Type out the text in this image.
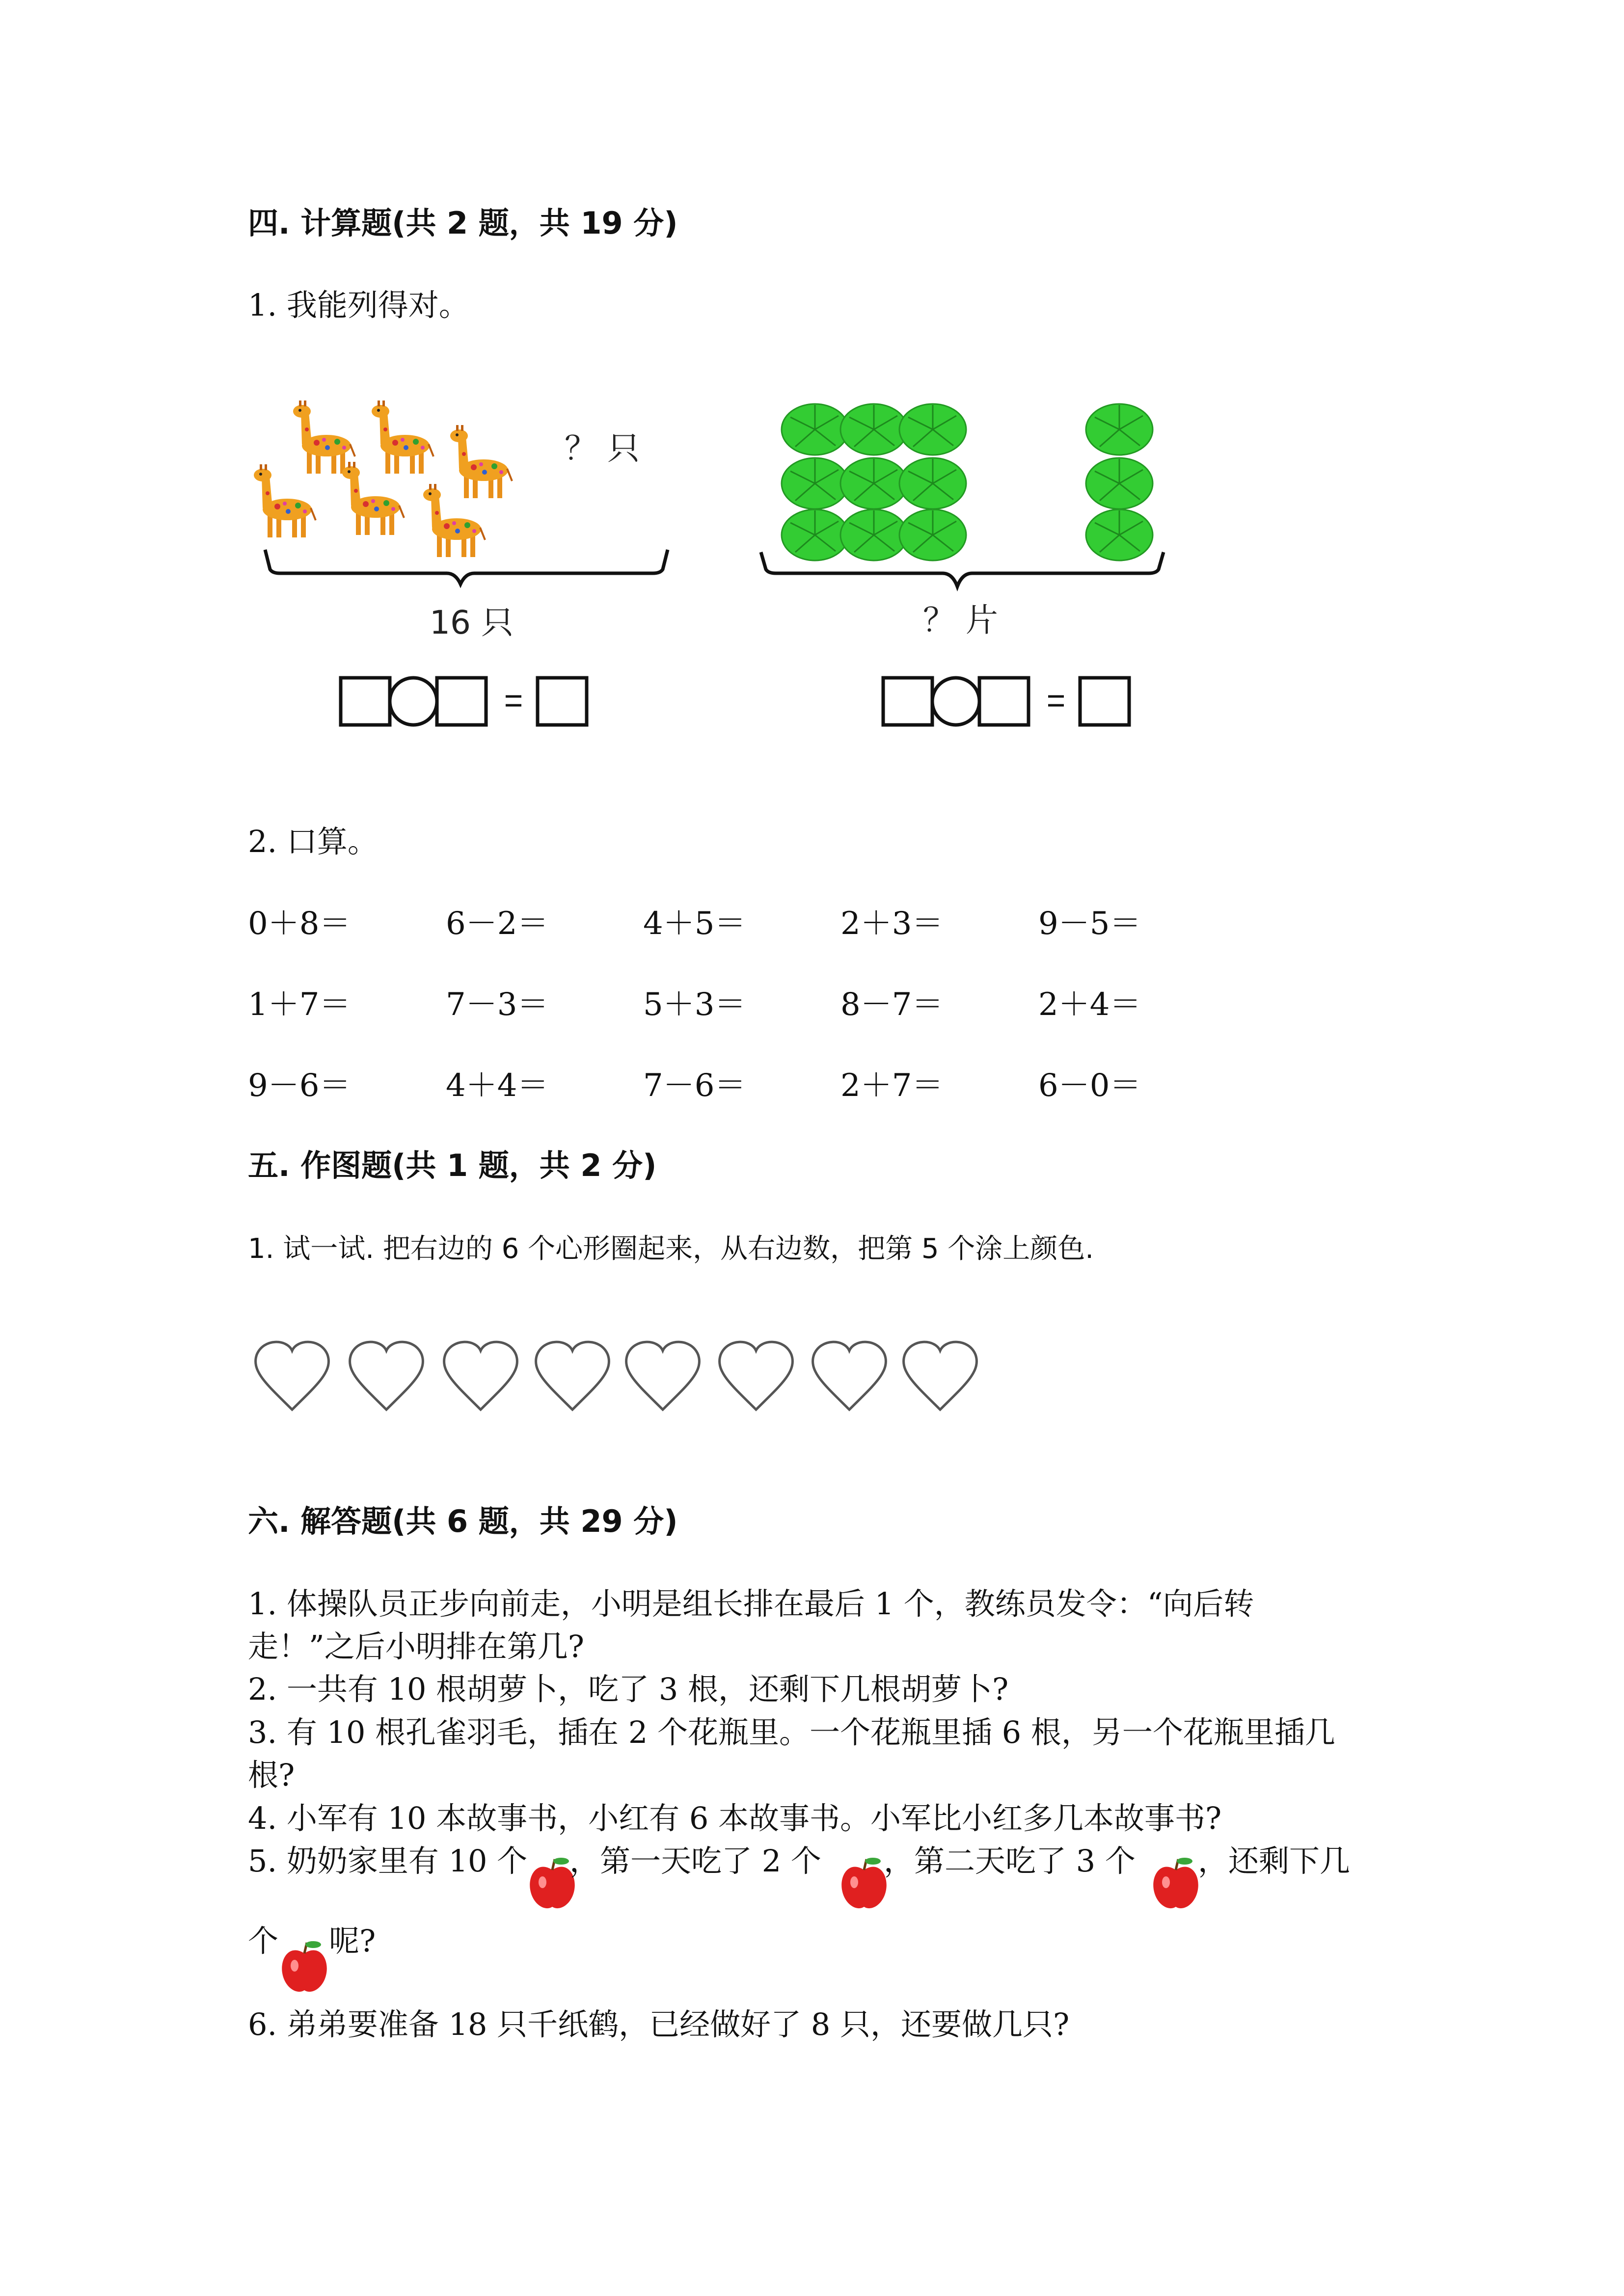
四. 计算题(共 2 题，共 19 分)
1. 我能列得对。
？ 只
16 只	？ 片
2. 口算。
0＋8＝	6－2＝	4＋5＝	2＋3＝	9－5＝
1＋7＝	7－3＝	5＋3＝	8－7＝	2＋4＝
9－6＝	4＋4＝	7－6＝	2＋7＝	6－0＝
五. 作图题(共 1 题，共 2 分)
1. 试一试. 把右边的 6 个心形圈起来，从右边数，把第 5 个涂上颜色.
六. 解答题(共 6 题，共 29 分)
1. 体操队员正步向前走，小明是组长排在最后 1 个，教练员发令：“向后转
走！”之后小明排在第几?
2. 一共有 10 根胡萝卜，吃了 3 根，还剩下几根胡萝卜?
3. 有 10 根孔雀羽毛，插在 2 个花瓶里。一个花瓶里插 6 根，另一个花瓶里插几
根?
4. 小军有 10 本故事书，小红有 6 本故事书。小军比小红多几本故事书?
5. 奶奶家里有 10 个 ，第一天吃了 2 个 ，第二天吃了 3 个 ，还剩下几
个 呢?
6. 弟弟要准备 18 只千纸鹤，已经做好了 8 只，还要做几只?
